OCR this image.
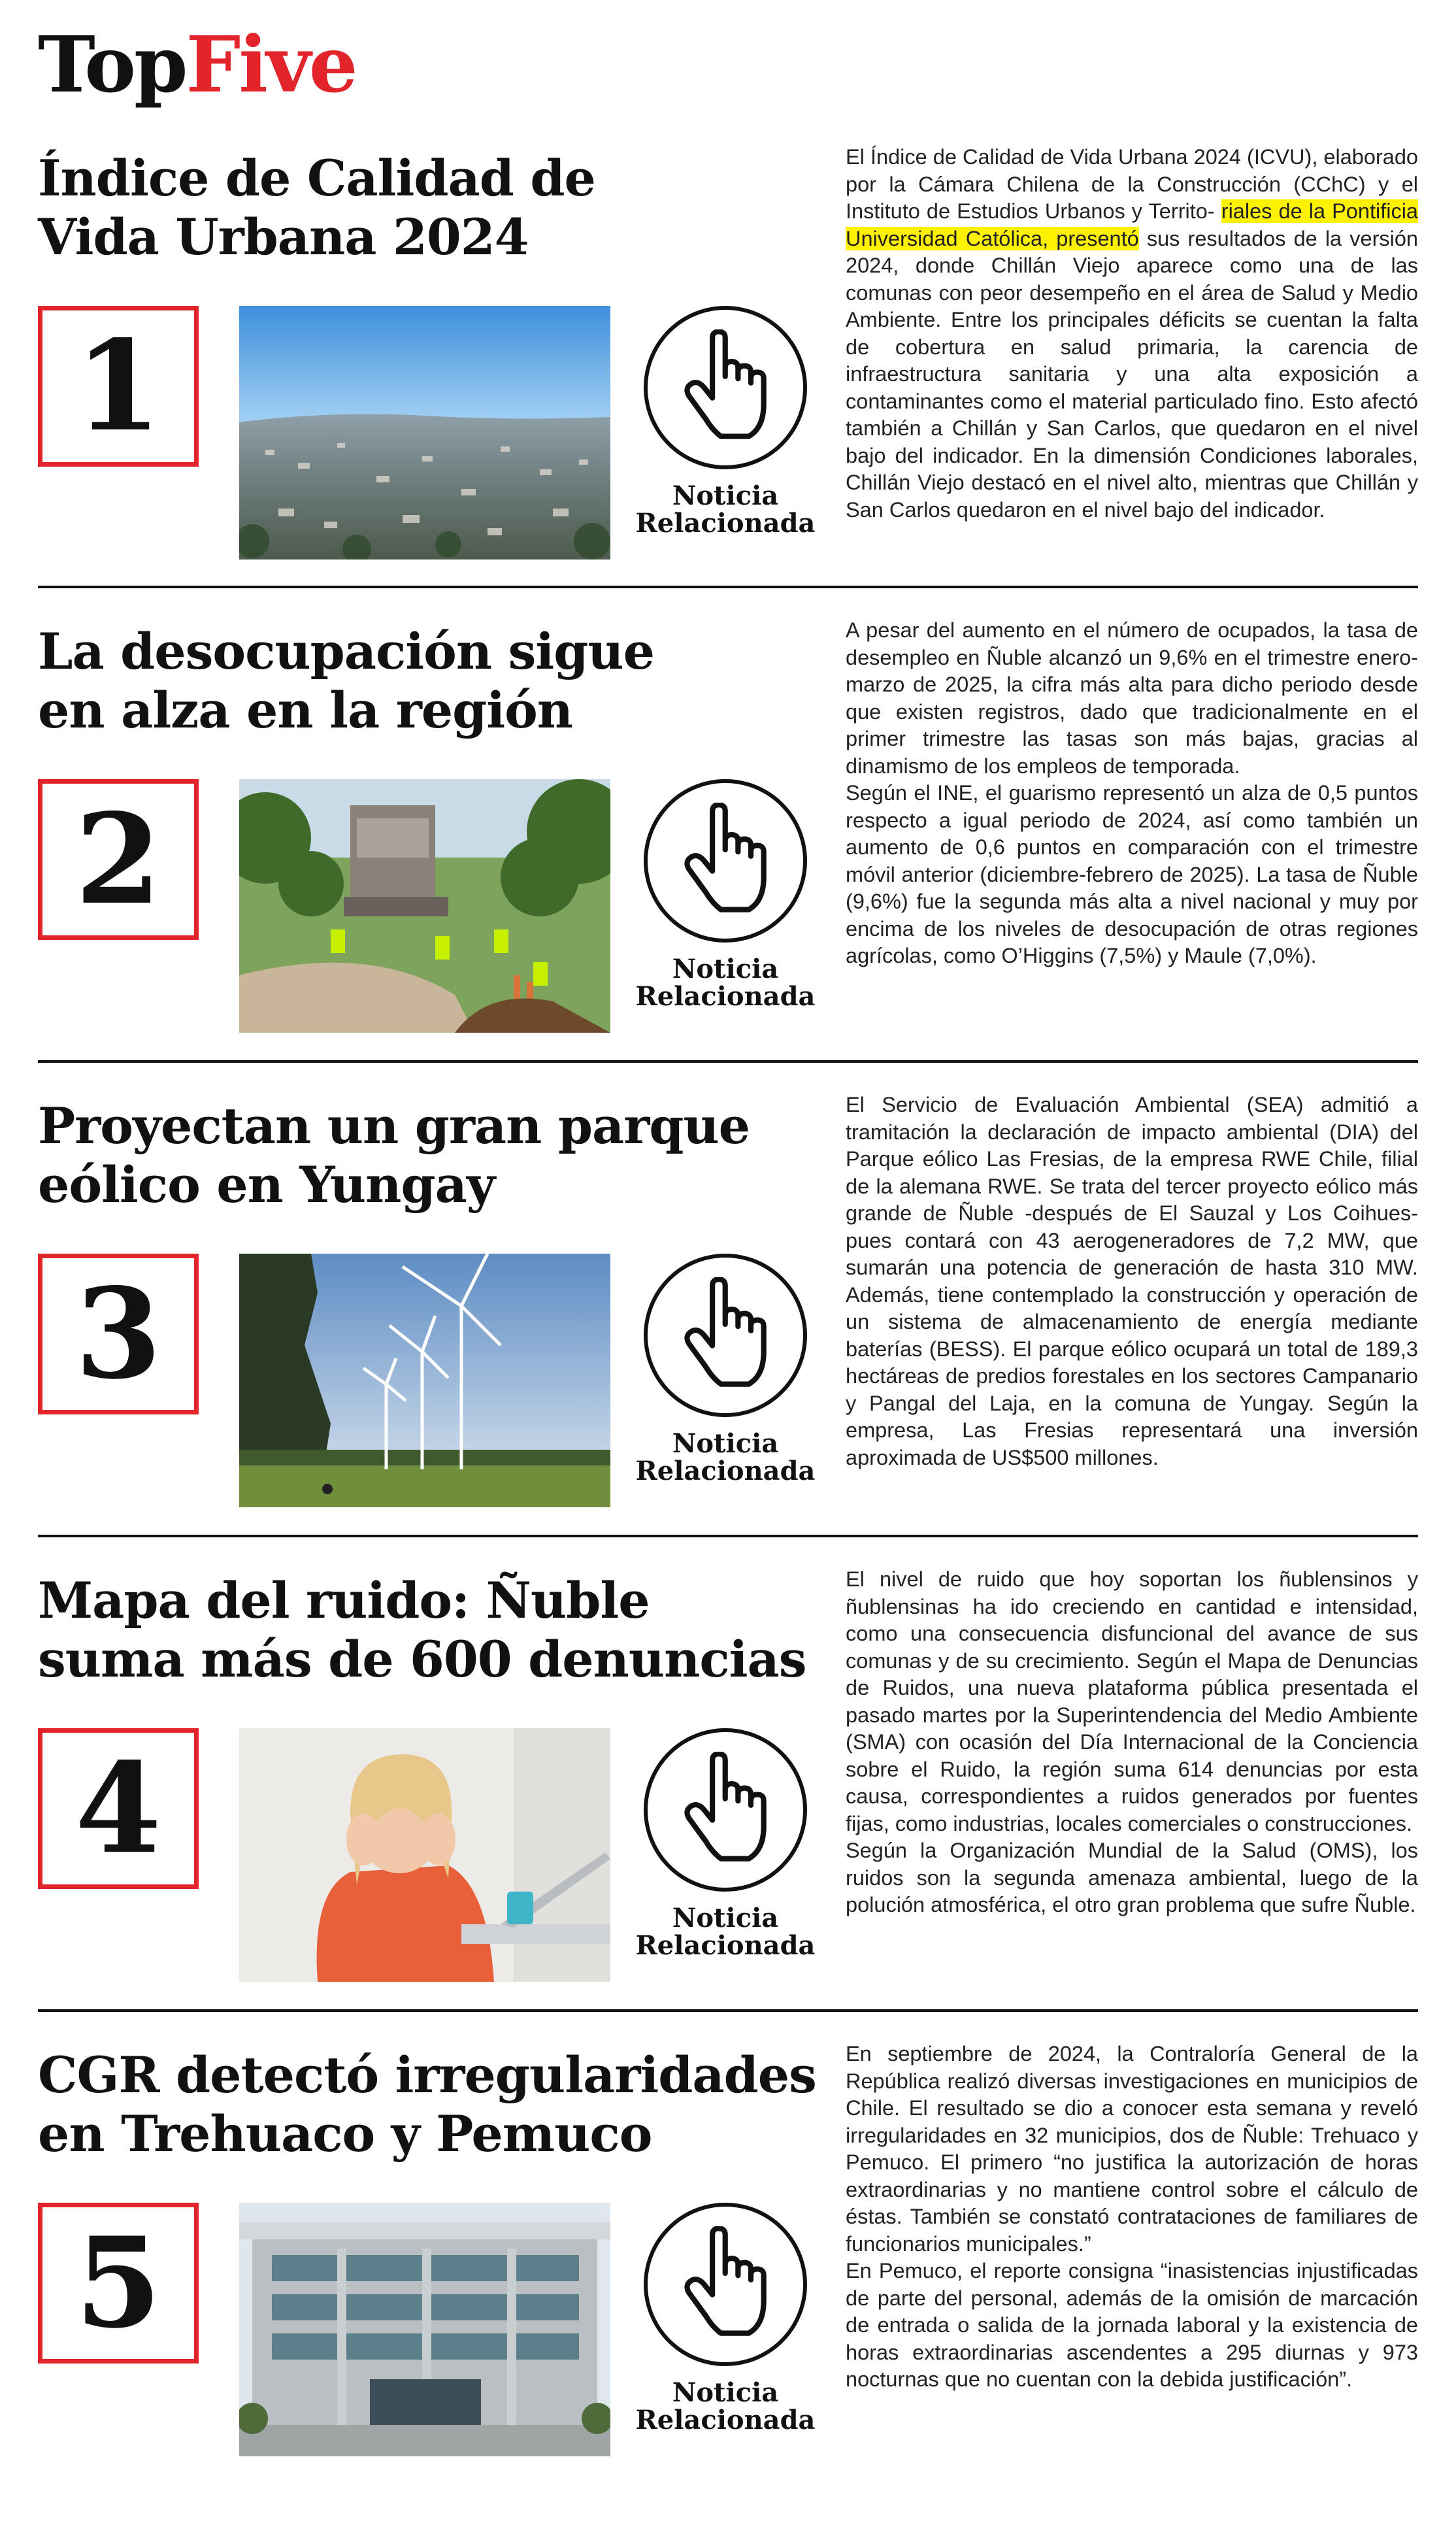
TopFive
Índice de Calidad de
Vida Urbana 2024
1
Noticia
Relacionada

El Índice de Calidad de Vida Urbana 2024 (ICVU), elaborado por la Cámara Chilena de la Construcción (CChC) y el Instituto de Estudios Urbanos y Territo- riales de la Pontificia Universidad Católica, presentó sus resultados de la versión 2024, donde Chillán Viejo aparece como una de las comunas con peor desempeño en el área de Salud y Medio Ambiente. Entre los principales déficits se cuentan la falta de cobertura en salud primaria, la carencia de infraestructura sanitaria y una alta exposición a contaminantes como el material particulado fino. Esto afectó también a Chillán y San Carlos, que quedaron en el nivel bajo del indicador. En la dimensión Condiciones laborales, Chillán Viejo destacó en el nivel alto, mientras que Chillán y San Carlos quedaron en el nivel bajo del indicador.

La desocupación sigue
en alza en la región
2
Noticia
Relacionada

A pesar del aumento en el número de ocupados, la tasa de desempleo en Ñuble alcanzó un 9,6% en el trimestre enero-marzo de 2025, la cifra más alta para dicho periodo desde que existen registros, dado que tradicionalmente en el primer trimestre las tasas son más bajas, gracias al dinamismo de los empleos de temporada.

Según el INE, el guarismo representó un alza de 0,5 puntos respecto a igual periodo de 2024, así como también un aumento de 0,6 puntos en comparación con el trimestre móvil anterior (diciembre-febrero de 2025). La tasa de Ñuble (9,6%) fue la segunda más alta a nivel nacional y muy por encima de los niveles de desocupación de otras regiones agrícolas, como O’Higgins (7,5%) y Maule (7,0%).

Proyectan un gran parque
eólico en Yungay
3
Noticia
Relacionada

El Servicio de Evaluación Ambiental (SEA) admitió a tramitación la declaración de impacto ambiental (DIA) del Parque eólico Las Fresias, de la empresa RWE Chile, filial de la alemana RWE. Se trata del tercer proyecto eólico más grande de Ñuble -después de El Sauzal y Los Coihues- pues contará con 43 aerogeneradores de 7,2 MW, que sumarán una potencia de generación de hasta 310 MW. Además, tiene contemplado la construcción y operación de un sistema de almacenamiento de energía mediante baterías (BESS). El parque eólico ocupará un total de 189,3 hectáreas de predios forestales en los sectores Campanario y Pangal del Laja, en la comuna de Yungay. Según la empresa, Las Fresias representará una inversión aproximada de US$500 millones.

Mapa del ruido: Ñuble
suma más de 600 denuncias
4
Noticia
Relacionada

El nivel de ruido que hoy soportan los ñublensinos y ñublensinas ha ido creciendo en cantidad e intensidad, como una consecuencia disfuncional del avance de sus comunas y de su crecimiento. Según el Mapa de Denuncias de Ruidos, una nueva plataforma pública presentada el pasado martes por la Superintendencia del Medio Ambiente (SMA) con ocasión del Día Internacional de la Conciencia sobre el Ruido, la región suma 614 denuncias por esta causa, correspondientes a ruidos generados por fuentes fijas, como industrias, locales comerciales o construcciones.

Según la Organización Mundial de la Salud (OMS), los ruidos son la segunda amenaza ambiental, luego de la polución atmosférica, el otro gran problema que sufre Ñuble.

CGR detectó irregularidades
en Trehuaco y Pemuco
5
Noticia
Relacionada

En septiembre de 2024, la Contraloría General de la República realizó diversas investigaciones en municipios de Chile. El resultado se dio a conocer esta semana y reveló irregularidades en 32 municipios, dos de Ñuble: Trehuaco y Pemuco. El primero “no justifica la autorización de horas extraordinarias y no mantiene control sobre el cálculo de éstas. También se constató contrataciones de familiares de funcionarios municipales.”

En Pemuco, el reporte consigna “inasistencias injustificadas de parte del personal, además de la omisión de marcación de entrada o salida de la jornada laboral y la existencia de horas extraordinarias ascendentes a 295 diurnas y 973 nocturnas que no cuentan con la debida justificación”.
